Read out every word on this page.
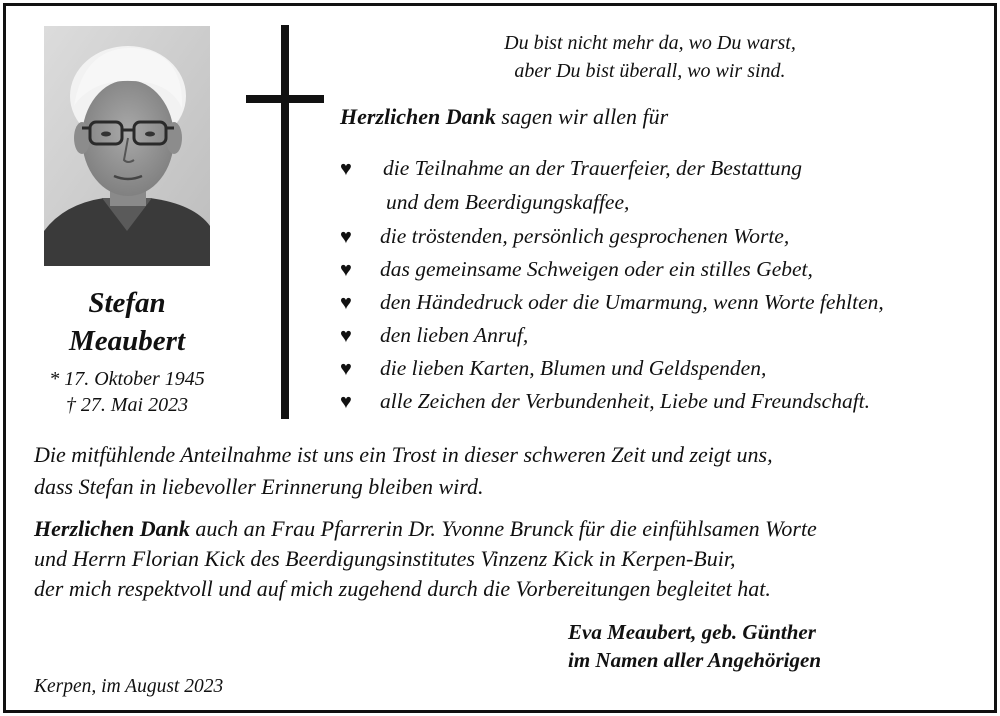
Stefan
Meaubert
* 17. Oktober 1945
† 27. Mai 2023
Du bist nicht mehr da, wo Du warst,
aber Du bist überall, wo wir sind.
Herzlichen Dank sagen wir allen für
♥ die Teilnahme an der Trauerfeier, der Bestattung
und dem Beerdigungskaffee,
♥ die tröstenden, persönlich gesprochenen Worte,
♥ das gemeinsame Schweigen oder ein stilles Gebet,
♥ den Händedruck oder die Umarmung, wenn Worte fehlten,
♥ den lieben Anruf,
♥ die lieben Karten, Blumen und Geldspenden,
♥ alle Zeichen der Verbundenheit, Liebe und Freundschaft.
Die mitfühlende Anteilnahme ist uns ein Trost in dieser schweren Zeit und zeigt uns,
dass Stefan in liebevoller Erinnerung bleiben wird.
Herzlichen Dank auch an Frau Pfarrerin Dr. Yvonne Brunck für die einfühlsamen Worte
und Herrn Florian Kick des Beerdigungsinstitutes Vinzenz Kick in Kerpen-Buir,
der mich respektvoll und auf mich zugehend durch die Vorbereitungen begleitet hat.
Eva Meaubert, geb. Günther
im Namen aller Angehörigen
Kerpen, im August 2023
